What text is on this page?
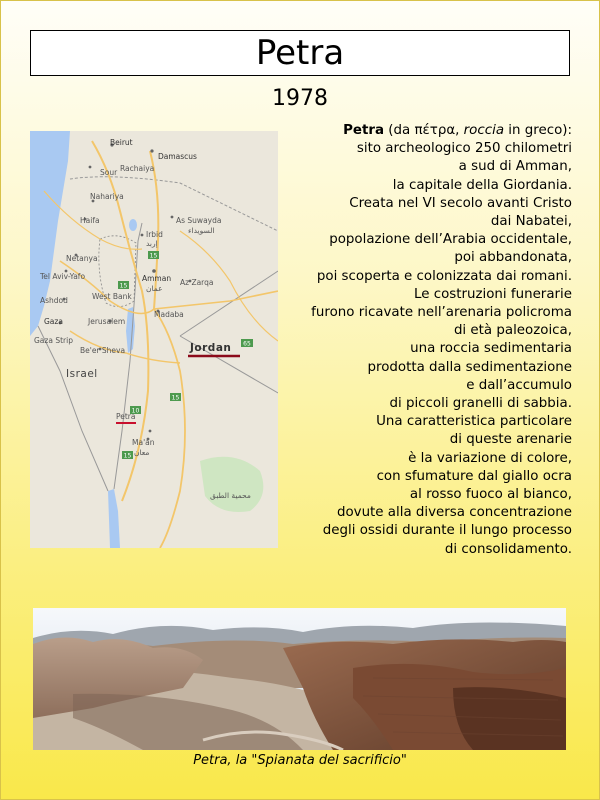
Petra
1978
65
15
15
10
15
15
Beirut
Damascus
Sour Rachaiya
Nahariya
Haifa	As Suwayda
السويداء
Irbid
إربد
Netanya
Tel Aviv-Yafo	Amman
عمان
Ashdod	West Bank
Az Zarqa
Gaza	Jerusalem
Madaba
Gaza Strip
Be'er Sheva	Jordan
Israel
Petra
Ma'an
معان
محمية الطبق
Petra (da πέτρα, roccia in greco):
sito archeologico 250 chilometri
a sud di Amman,
la capitale della Giordania.
Creata nel VI secolo avanti Cristo
dai Nabatei,
popolazione dell’Arabia occidentale,
poi abbandonata,
poi scoperta e colonizzata dai romani.
Le costruzioni funerarie
furono ricavate nell’arenaria policroma
di età paleozoica,
una roccia sedimentaria
prodotta dalla sedimentazione
e dall’accumulo
di piccoli granelli di sabbia.
Una caratteristica particolare
di queste arenarie
è la variazione di colore,
con sfumature dal giallo ocra
al rosso fuoco al bianco,
dovute alla diversa concentrazione
degli ossidi durante il lungo processo
di consolidamento.
Petra, la "Spianata del sacrificio"
